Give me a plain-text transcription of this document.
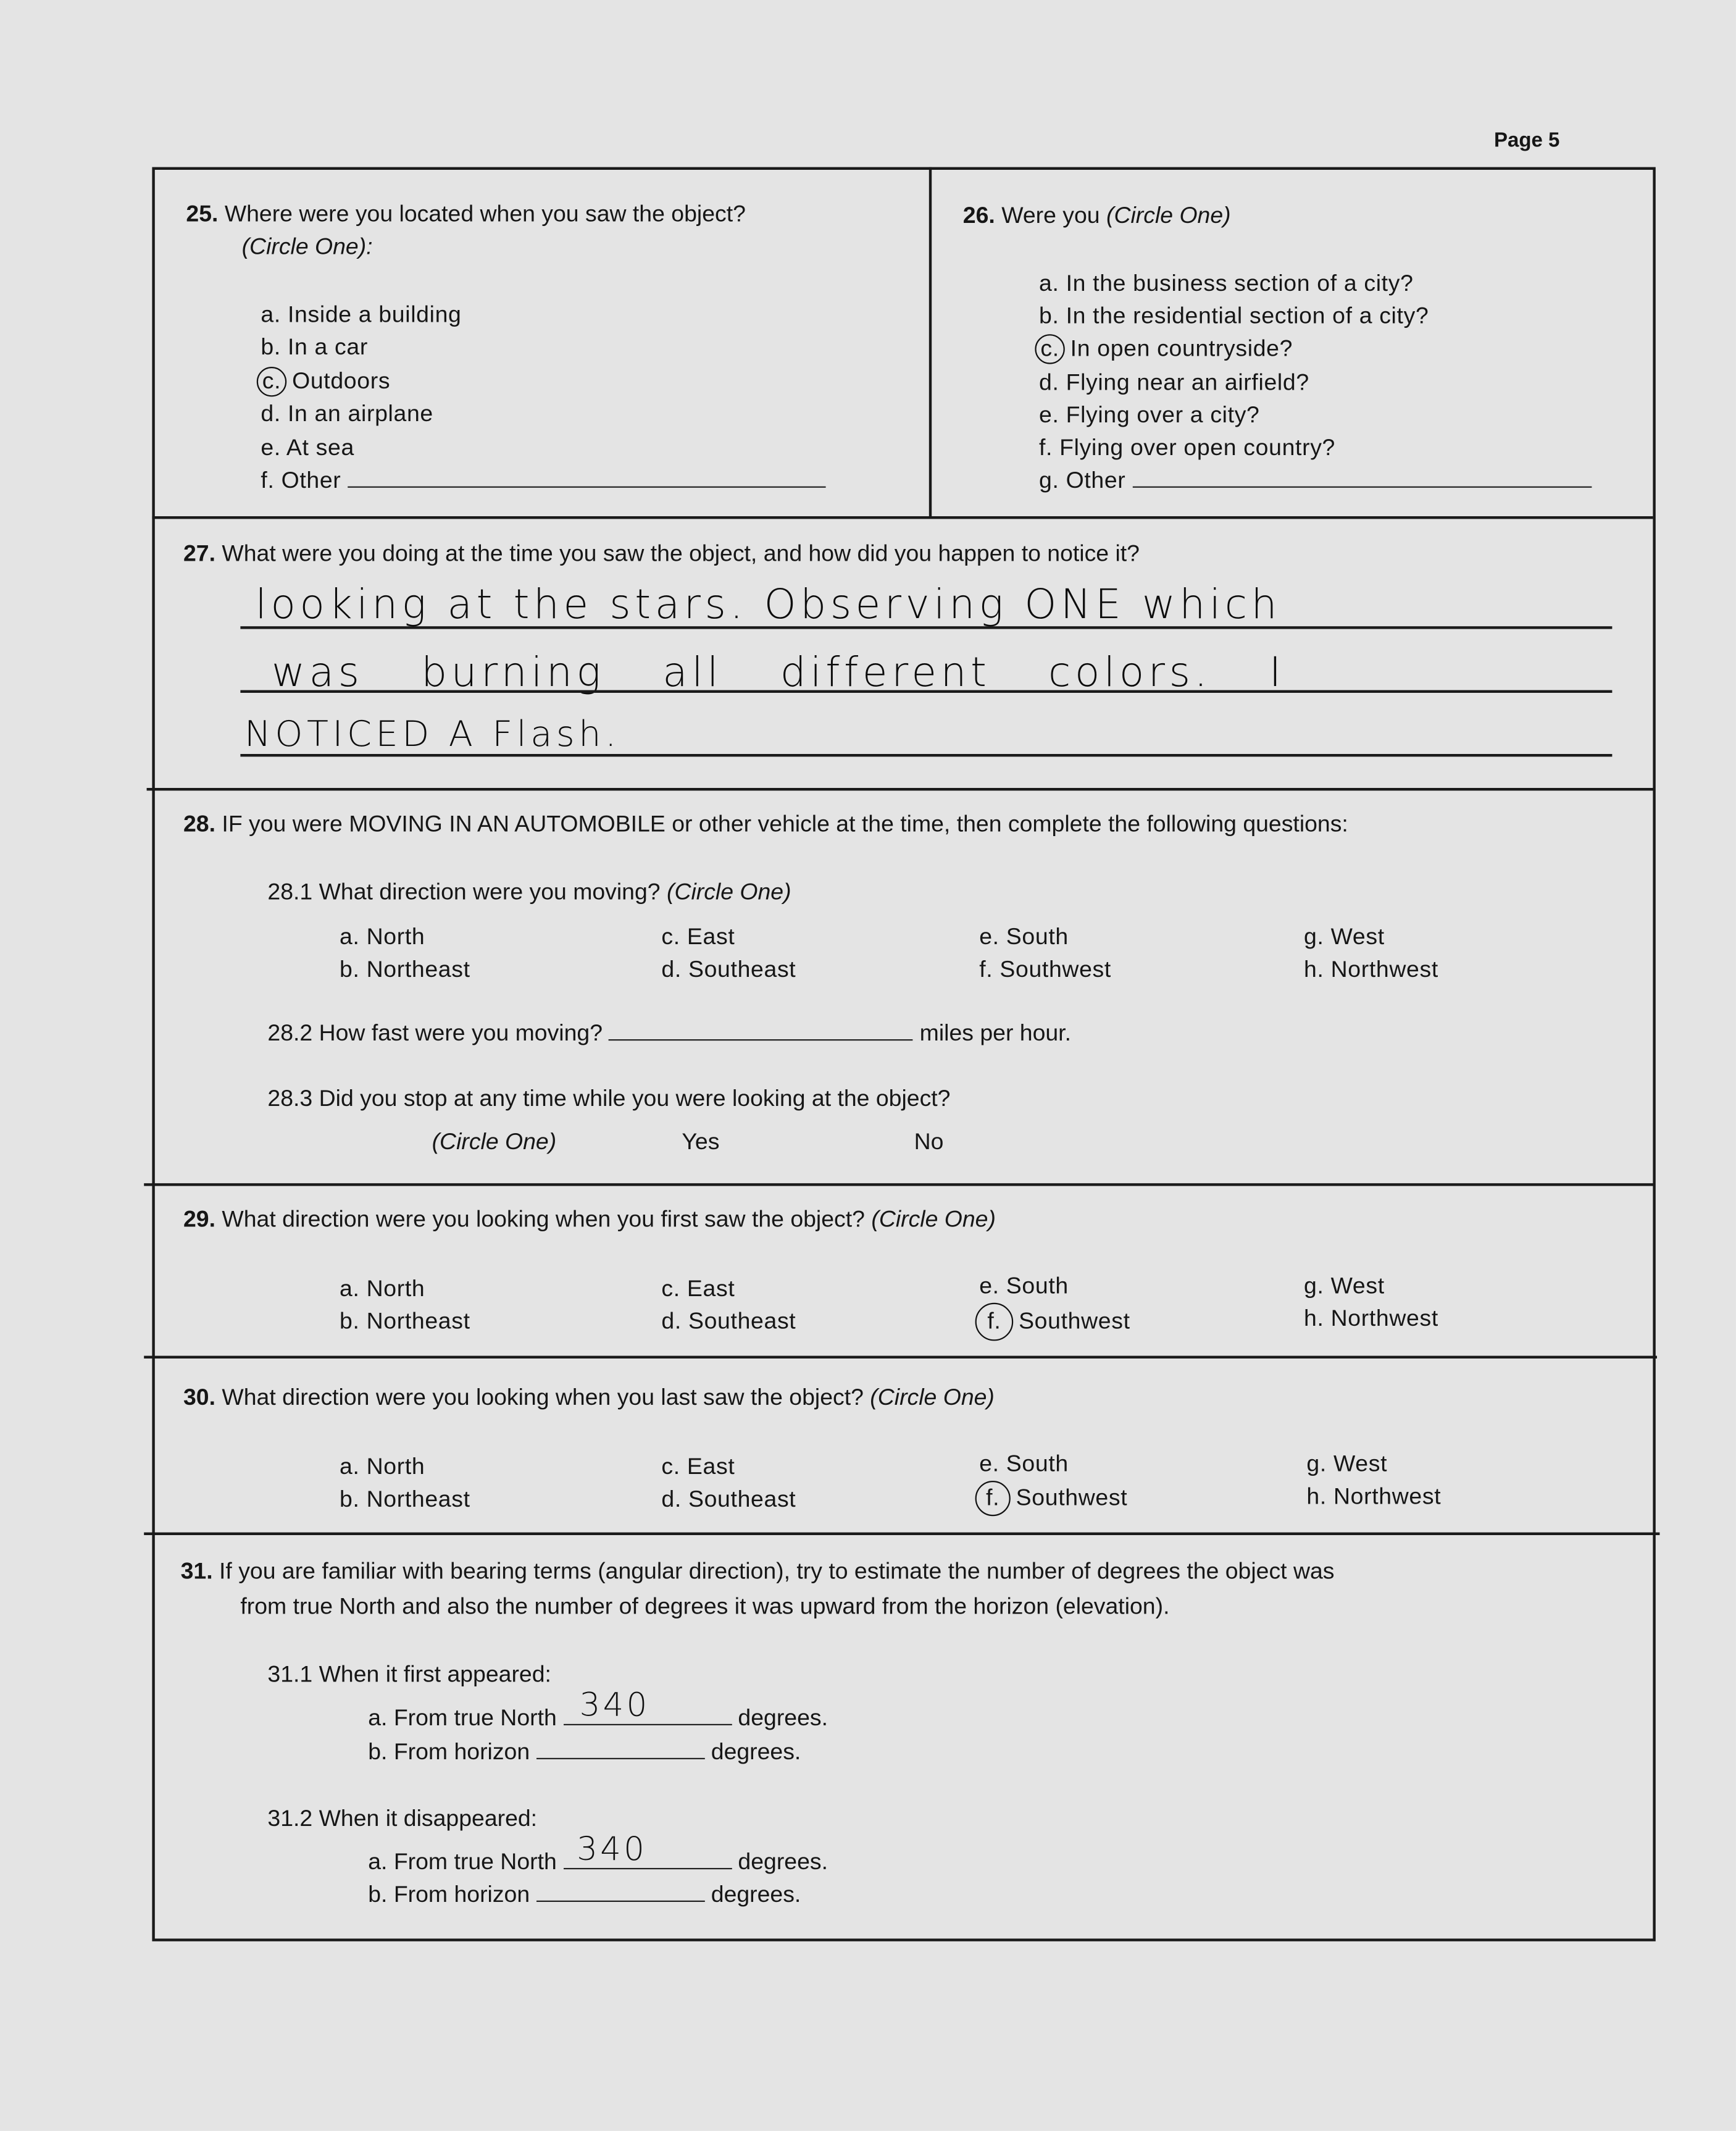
Page 5
25. Where were you located when you saw the object?
(Circle One):
a. Inside a building
b. In a car
c. Outdoors
d. In an airplane
e. At sea
f. Other
26. Were you (Circle One)
a. In the business section of a city?
b. In the residential section of a city?
c. In open countryside?
d. Flying near an airfield?
e. Flying over a city?
f. Flying over open country?
g. Other
27. What were you doing at the time you saw the object, and how did you happen to notice it?
looking at the stars. Observing ONE which
was burning all different colors. I
NOTICED A Flash.
28. IF you were MOVING IN AN AUTOMOBILE or other vehicle at the time, then complete the following questions:
28.1 What direction were you moving? (Circle One)
a. North
b. Northeast
c. East
d. Southeast
e. South
f. Southwest
g. West
h. Northwest
28.2 How fast were you moving?	miles per hour.
28.3 Did you stop at any time while you were looking at the object?
(Circle One)	Yes	No
29. What direction were you looking when you first saw the object? (Circle One)
a. North
b. Northeast
c. East
d. Southeast
e. South
f. Southwest
g. West
h. Northwest
30. What direction were you looking when you last saw the object? (Circle One)
a. North
b. Northeast
c. East
d. Southeast
e. South
f. Southwest
g. West
h. Northwest
31. If you are familiar with bearing terms (angular direction), try to estimate the number of degrees the object was
from true North and also the number of degrees it was upward from the horizon (elevation).
31.1 When it first appeared:
a. From true North 340	degrees.
b. From horizon	degrees.
31.2 When it disappeared:
a. From true North 340	degrees.
b. From horizon	degrees.
